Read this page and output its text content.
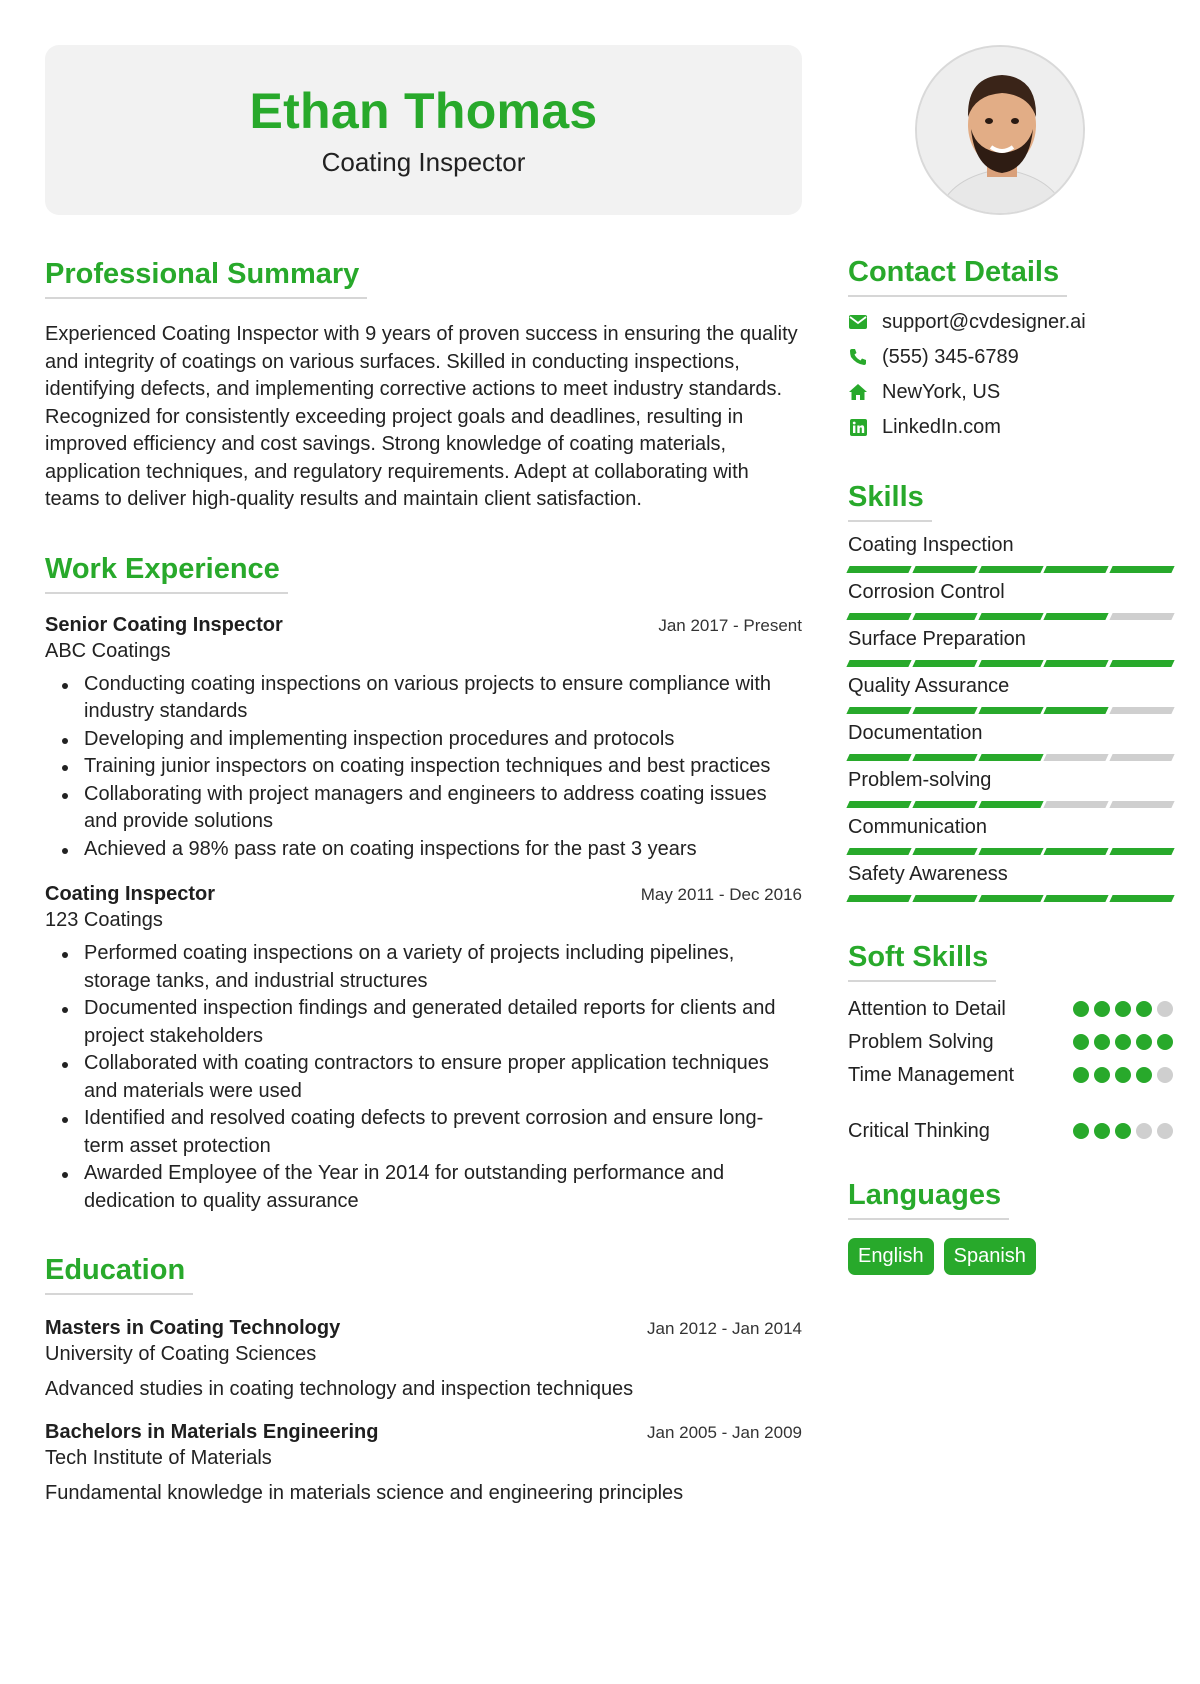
Ethan Thomas
Coating Inspector
Professional Summary
Experienced Coating Inspector with 9 years of proven success in ensuring the quality and integrity of coatings on various surfaces. Skilled in conducting inspections, identifying defects, and implementing corrective actions to meet industry standards. Recognized for consistently exceeding project goals and deadlines, resulting in improved efficiency and cost savings. Strong knowledge of coating materials, application techniques, and regulatory requirements. Adept at collaborating with teams to deliver high-quality results and maintain client satisfaction.
Work Experience
Senior Coating Inspector	Jan 2017 - Present
ABC Coatings
Conducting coating inspections on various projects to ensure compliance with industry standards
Developing and implementing inspection procedures and protocols
Training junior inspectors on coating inspection techniques and best practices
Collaborating with project managers and engineers to address coating issues and provide solutions
Achieved a 98% pass rate on coating inspections for the past 3 years
Coating Inspector	May 2011 - Dec 2016
123 Coatings
Performed coating inspections on a variety of projects including pipelines, storage tanks, and industrial structures
Documented inspection findings and generated detailed reports for clients and project stakeholders
Collaborated with coating contractors to ensure proper application techniques and materials were used
Identified and resolved coating defects to prevent corrosion and ensure long-term asset protection
Awarded Employee of the Year in 2014 for outstanding performance and dedication to quality assurance
Education
Masters in Coating Technology	Jan 2012 - Jan 2014
University of Coating Sciences
Advanced studies in coating technology and inspection techniques
Bachelors in Materials Engineering	Jan 2005 - Jan 2009
Tech Institute of Materials
Fundamental knowledge in materials science and engineering principles
Contact Details
support@cvdesigner.ai
(555) 345-6789
NewYork, US
LinkedIn.com
Skills
Coating Inspection
Corrosion Control
Surface Preparation
Quality Assurance
Documentation
Problem-solving
Communication
Safety Awareness
Soft Skills
Attention to Detail
Problem Solving
Time Management
Critical Thinking
Languages
English	Spanish
